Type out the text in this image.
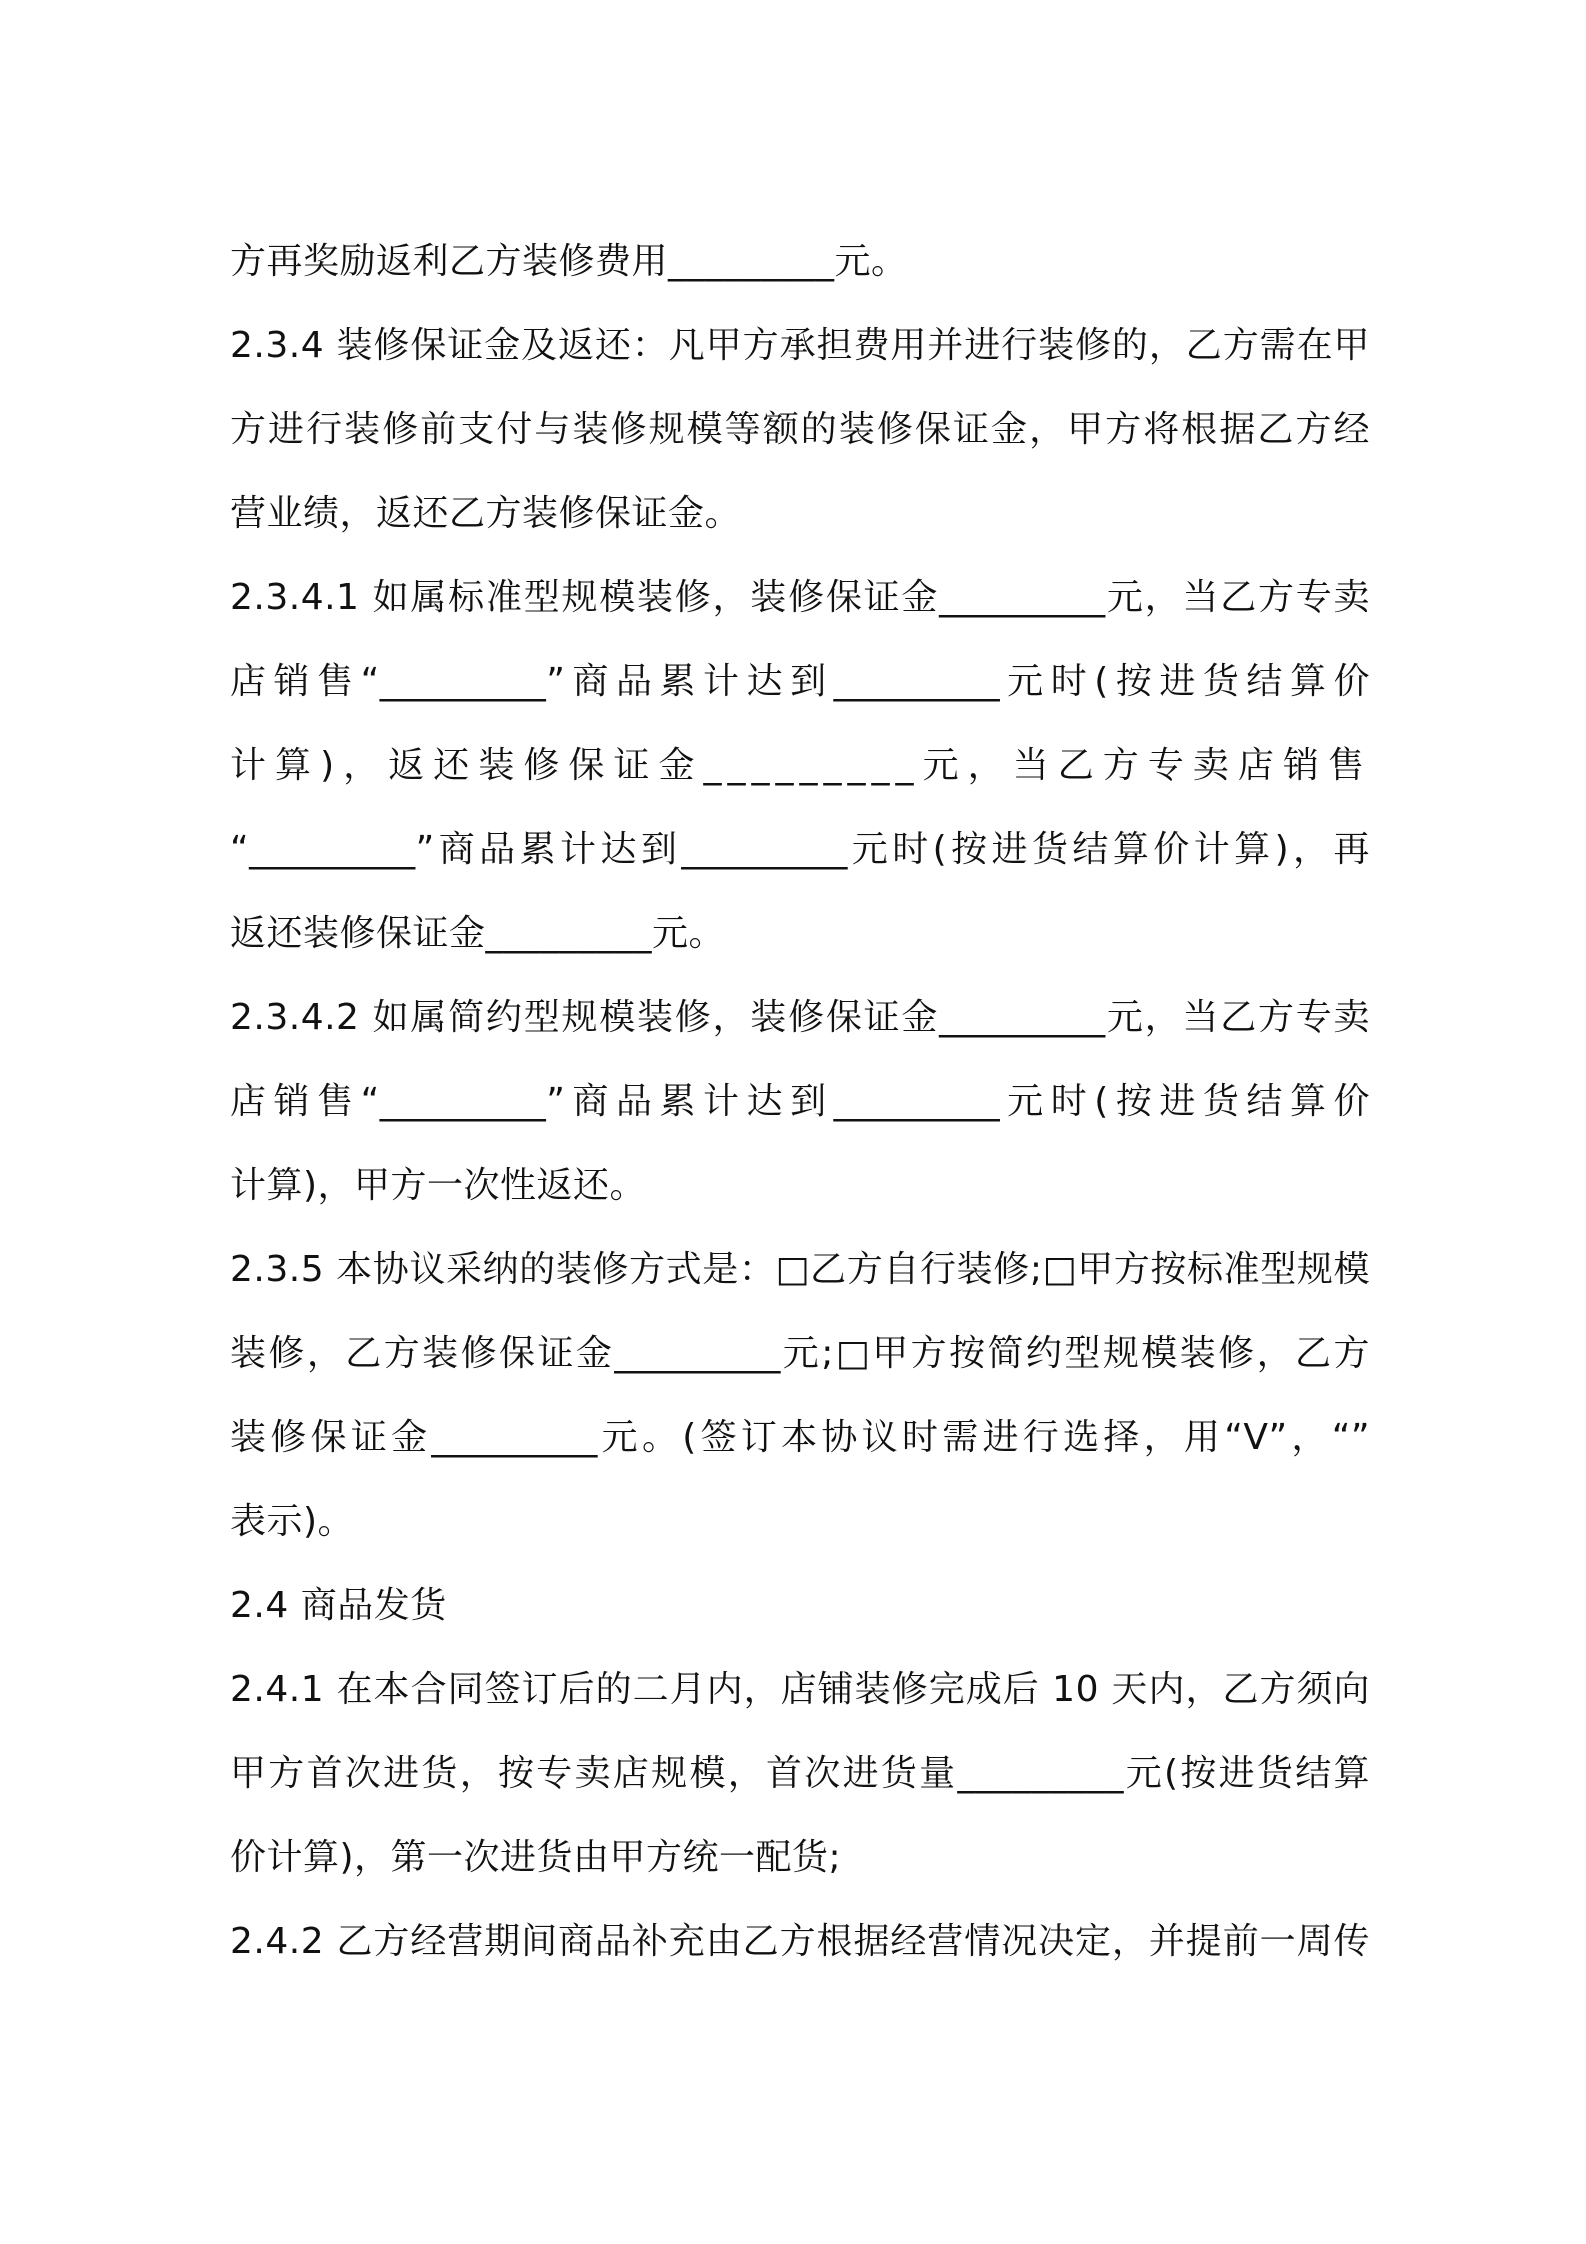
方再奖励返利乙方装修费用_________元。
2.3.4 装修保证金及返还：凡甲方承担费用并进行装修的，乙方需在甲
方进行装修前支付与装修规模等额的装修保证金，甲方将根据乙方经
营业绩，返还乙方装修保证金。
2.3.4.1 如属标准型规模装修，装修保证金_________元，当乙方专卖
店销售“_________”商品累计达到_________元时(按进货结算价
计算)，返还装修保证金_________元，当乙方专卖店销售
“_________”商品累计达到_________元时(按进货结算价计算)，再
返还装修保证金_________元。
2.3.4.2 如属简约型规模装修，装修保证金_________元，当乙方专卖
店销售“_________”商品累计达到_________元时(按进货结算价
计算)，甲方一次性返还。
2.3.5 本协议采纳的装修方式是：□乙方自行装修;□甲方按标准型规模
装修，乙方装修保证金_________元;□甲方按简约型规模装修，乙方
装修保证金_________元。(签订本协议时需进行选择，用“V”，“”
表示)。
2.4 商品发货
2.4.1 在本合同签订后的二月内，店铺装修完成后 10 天内，乙方须向
甲方首次进货，按专卖店规模，首次进货量_________元(按进货结算
价计算)，第一次进货由甲方统一配货;
2.4.2 乙方经营期间商品补充由乙方根据经营情况决定，并提前一周传
